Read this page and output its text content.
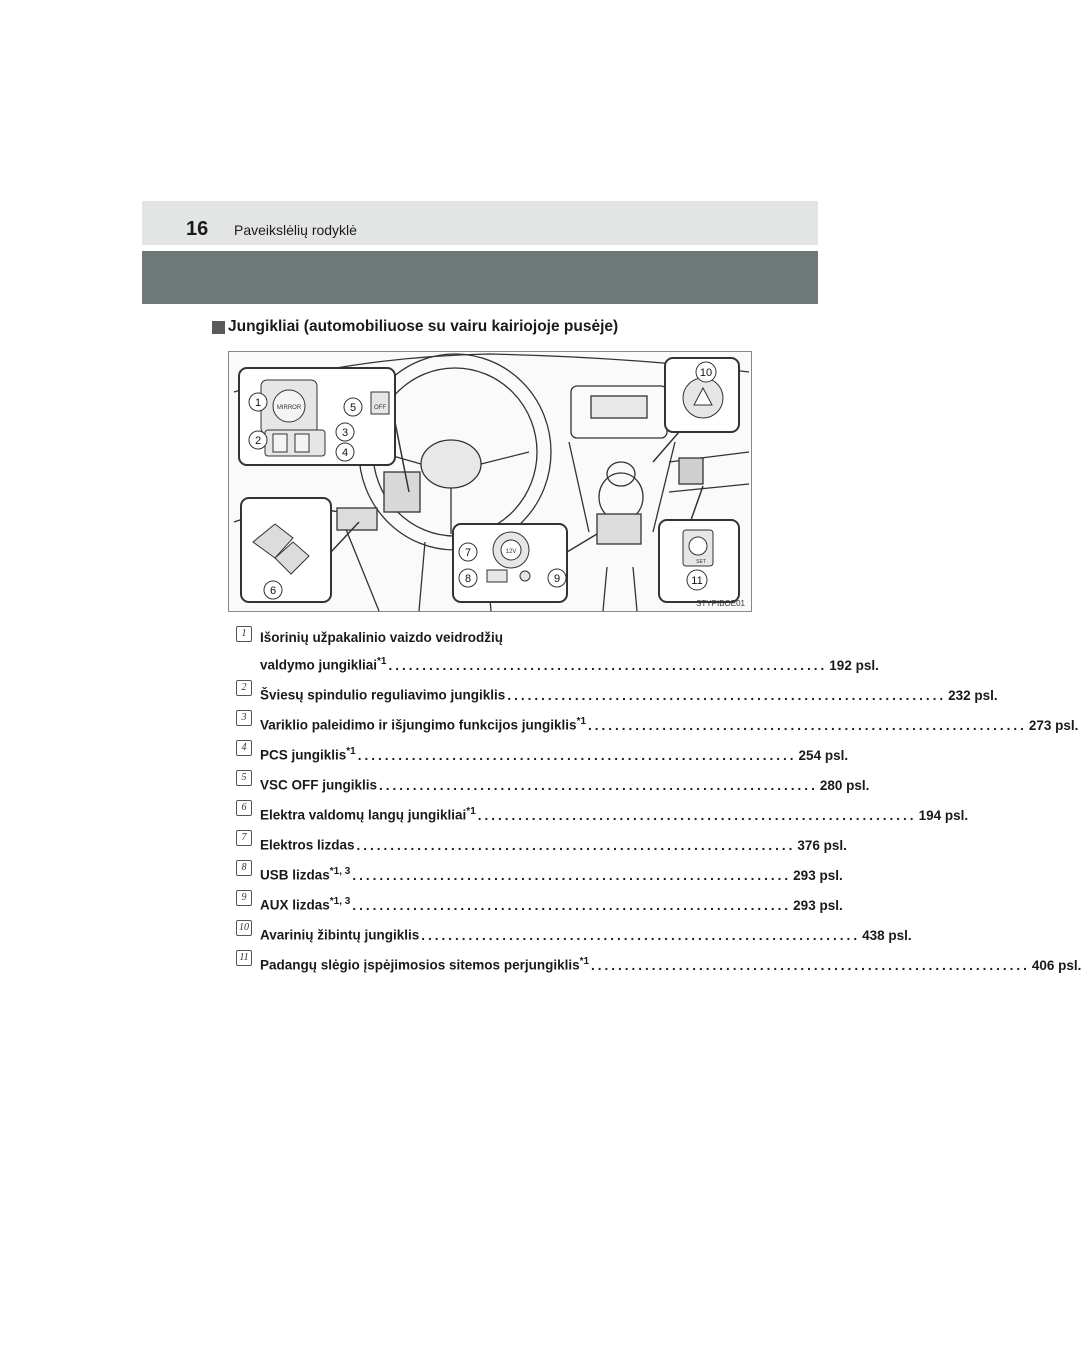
16 Paveikslėlių rodyklė
Jungikliai (automobiliuose su vairu kairiojoje pusėje)
MIRROR	OFF
12V
SET
1
2
3
4
5
6
7
8	9
10
11
STYPIBOE01
1	Išorinių užpakalinio vaizdo veidrodžių
valdymo jungikliai$^{*1}$ ................................................................. 192 psl.
2	Šviesų spindulio reguliavimo jungiklis ................................................................. 232 psl.
3	Variklio paleidimo ir išjungimo funkcijos jungiklis$^{*1}$ ................................................................. 273 psl.
4	PCS jungiklis$^{*1}$ ................................................................. 254 psl.
5	VSC OFF jungiklis ................................................................. 280 psl.
6	Elektra valdomų langų jungikliai$^{*1}$ ................................................................. 194 psl.
7	Elektros lizdas ................................................................. 376 psl.
8	USB lizdas$^{*1, 3}$ ................................................................. 293 psl.
9	AUX lizdas$^{*1, 3}$ ................................................................. 293 psl.
10 Avarinių žibintų jungiklis ................................................................. 438 psl.
11 Padangų slėgio įspėjimosios sitemos perjungiklis$^{*1}$ ................................................................. 406 psl.
